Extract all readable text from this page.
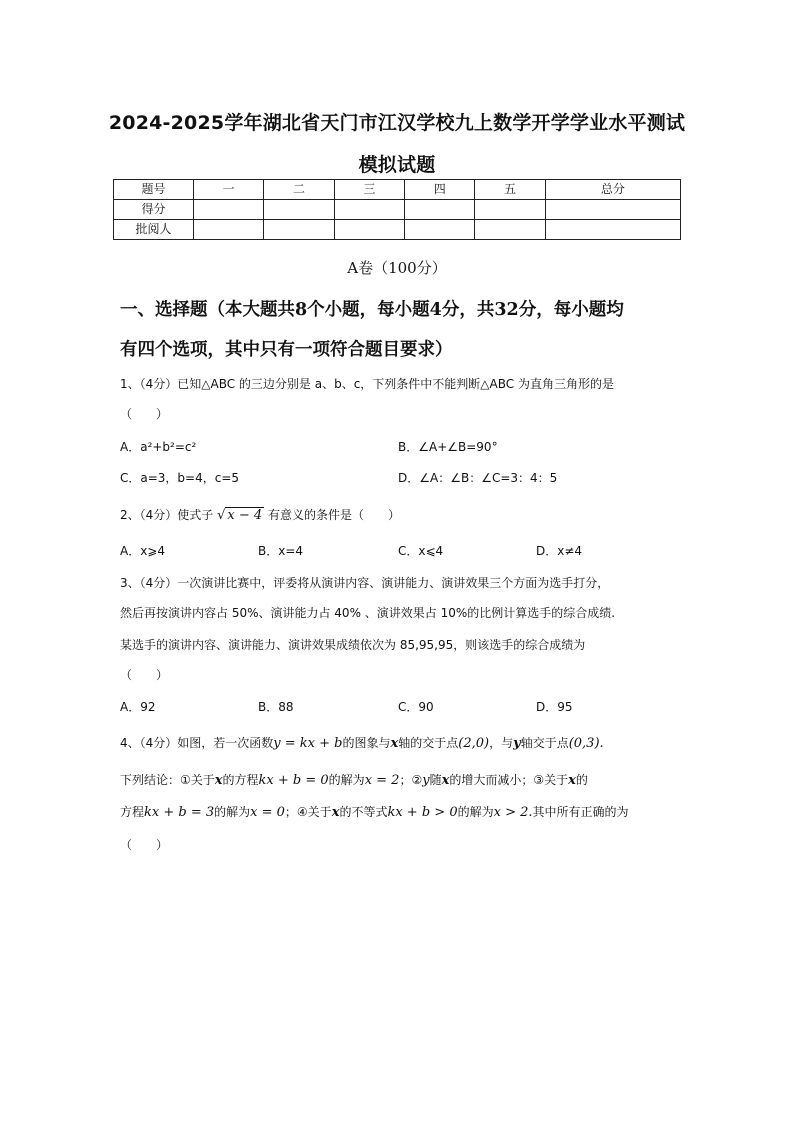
2024-2025学年湖北省天门市江汉学校九上数学开学学业水平测试
模拟试题
题号	一	二	三	四	五	总分
得分						
批阅人						
A卷（100分）
一、选择题（本大题共8个小题，每小题4分，共32分，每小题均
有四个选项，其中只有一项符合题目要求）
1、（4分）已知△ABC 的三边分别是 a、b、c，下列条件中不能判断△ABC 为直角三角形的是
（　　）
A．a²+b²=c²	B．∠A+∠B=90°
C．a=3，b=4，c=5	D．∠A：∠B：∠C=3：4：5
2、（4分）使式子 √ x − 4 有意义的条件是（　　）
A．x⩾4	B．x=4	C．x⩽4	D．x≠4
3、（4分）一次演讲比赛中，评委将从演讲内容、演讲能力、演讲效果三个方面为选手打分，
然后再按演讲内容占 50%、演讲能力占 40% 、演讲效果占 10%的比例计算选手的综合成绩.
某选手的演讲内容、演讲能力、演讲效果成绩依次为 85,95,95，则该选手的综合成绩为
（　　）
A．92	B．88	C．90	D．95
4、（4分）如图，若一次函数y = kx + b的图象与x轴的交于点(2,0)，与y轴交于点(0,3).
下列结论：①关于x的方程kx + b = 0的解为x = 2；②y随x的增大而减小；③关于x的
方程kx + b = 3的解为x = 0；④关于x的不等式kx + b > 0的解为x > 2.其中所有正确的为
（　　）
